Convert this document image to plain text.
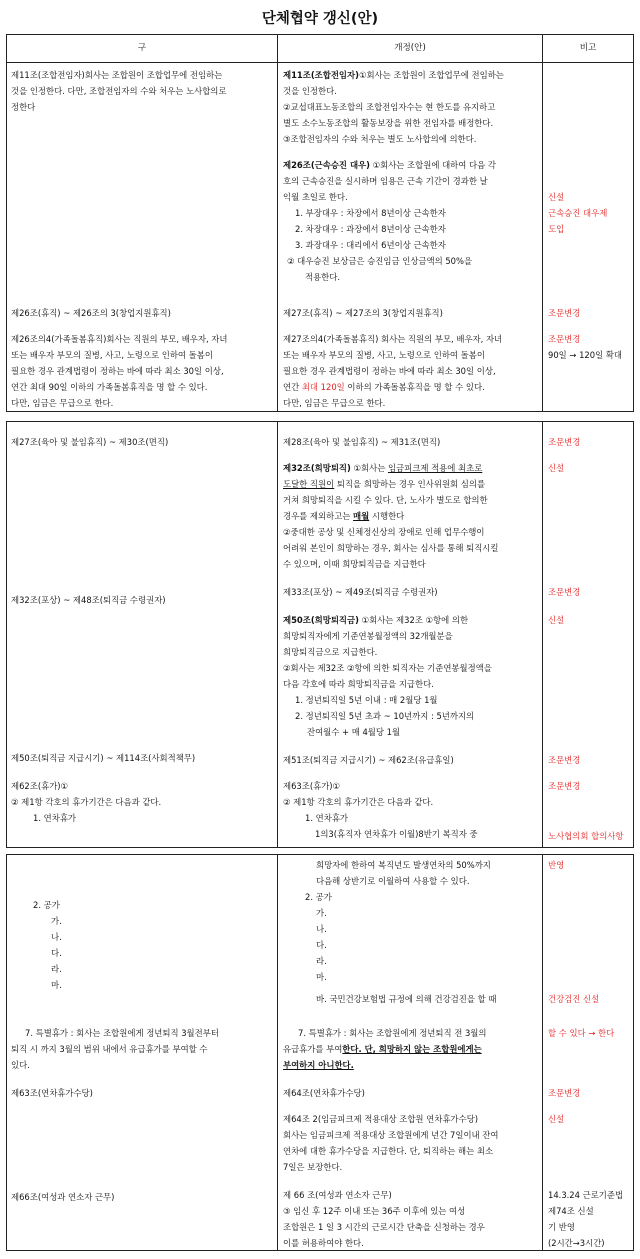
단체협약 갱신(안)
구
제11조(조합전임자)회사는 조합원이 조합업무에 전임하는
것을 인정한다. 다만, 조합전임자의 수와 처우는 노사합의로
정한다
제26조(휴직) ~ 제26조의 3(창업지원휴직)
제26조의4(가족돌봄휴직)회사는 직원의 부모, 배우자, 자녀
또는 배우자 부모의 질병, 사고, 노령으로 인하여 돌봄이
필요한 경우 관계법령이 정하는 바에 따라 최소 30일 이상,
연간 최대 90일 이하의 가족돌봄휴직을 명 할 수 있다.
다만, 임금은 무급으로 한다.
개정(안)
제11조(조합전임자)①회사는 조합원이 조합업무에 전임하는
것을 인정한다.
②교섭대표노동조합의 조합전임자수는 현 한도를 유지하고
별도 소수노동조합의 활동보장을 위한 전임자를 배정한다.
③조합전임자의 수와 처우는 별도 노사합의에 의한다.
제26조(근속승진 대우) ①회사는 조합원에 대하여 다음 각
호의 근속승진을 실시하며 임용은 근속 기간이 경과한 날
익월 초일로 한다.
1. 부장대우 : 차장에서 8년이상 근속한자
2. 차장대우 : 과장에서 8년이상 근속한자
3. 과장대우 : 대리에서 6년이상 근속한자
② 대우승진 보상금은 승진임금 인상금액의 50%을
적용한다.
제27조(휴직) ~ 제27조의 3(창업지원휴직)
제27조의4(가족돌봄휴직) 회사는 직원의 부모, 배우자, 자녀
또는 배우자 부모의 질병, 사고, 노령으로 인하여 돌봄이
필요한 경우 관계법령이 정하는 바에 따라 최소 30일 이상,
연간 최대 120일 이하의 가족돌봄휴직을 명 할 수 있다.
다만, 임금은 무급으로 한다.
비고
신설
근속승진 대우제
도입
조문변경
조문변경
90일 → 120일 확대
제27조(육아 및 불임휴직) ~ 제30조(면직)
제32조(포상) ~ 제48조(퇴직금 수령권자)
제50조(퇴직금 지급시기) ~ 제114조(사회적책무)
제62조(휴가)①
② 제1항 각호의 휴가기간은 다음과 같다.
1. 연차휴가
제28조(육아 및 불임휴직) ~ 제31조(면직)
제32조(희망퇴직) ①회사는 임금피크제 적용에 최초로
도달한 직원이 퇴직을 희망하는 경우 인사위원회 심의를
거쳐 희망퇴직을 시킬 수 있다. 단, 노사가 별도로 합의한
경우를 제외하고는 매월 시행한다
②중대한 공상 및 신체정신상의 장애로 인해 업무수행이
어려워 본인이 희망하는 경우, 회사는 심사를 통해 퇴직시킬
수 있으며, 이때 희망퇴직금을 지급한다
제33조(포상) ~ 제49조(퇴직금 수령권자)
제50조(희망퇴직금) ①회사는 제32조 ①항에 의한
희망퇴직자에게 기준연봉월정액의 32개월분을
희망퇴직금으로 지급한다.
②회사는 제32조 ②항에 의한 퇴직자는 기준연봉월정액을
다음 각호에 따라 희망퇴직금을 지급한다.
1. 정년퇴직일 5년 이내 : 매 2월당 1월
2. 정년퇴직일 5년 초과 ~ 10년까지 : 5년까지의
잔여월수 + 매 4월당 1월
제51조(퇴직금 지급시기) ~ 제62조(유급휴일)
제63조(휴가)①
② 제1항 각호의 휴가기간은 다음과 같다.
1. 연차휴가
1의3(휴직자 연차휴가 이월)8반기 복직자 중
조문변경
신설
조문변경
신설
조문변경
조문변경
노사협의회 합의사항
2. 공가
가.
나.
다.
라.
마.
7. 특별휴가 : 회사는 조합원에게 정년퇴직 3월전부터
퇴직 시 까지 3월의 범위 내에서 유급휴가를 부여할 수
있다.
제63조(연차휴가수당)
제66조(여성과 연소자 근무)
희망자에 한하여 복직년도 발생연차의 50%까지
다음해 상반기로 이월하여 사용할 수 있다.
2. 공가
가.
나.
다.
라.
마.
바. 국민건강보험법 규정에 의해 건강검진을 할 때
7. 특별휴가 : 회사는 조합원에게 정년퇴직 전 3월의
유급휴가를 부여한다. 단, 희망하지 않는 조합원에게는
부여하지 아니한다.
제64조(연차휴가수당)
제64조 2(임금피크제 적용대상 조합원 연차휴가수당)
회사는 임금피크제 적용대상 조합원에게 년간 7일이내 잔여
연차에 대한 휴가수당을 지급한다. 단, 퇴직하는 해는 최소
7일은 보장한다.
제 66 조(여성과 연소자 근무)
③ 임신 후 12주 이내 또는 36주 이후에 있는 여성
조합원은 1 일 3 시간의 근로시간 단축을 신청하는 경우
이를 허용하여야 한다.
반영
건강검진 신설
할 수 있다 → 한다
조문변경
신설
14.3.24 근로기준법
제74조 신설
기 반영
(2시간→3시간)
